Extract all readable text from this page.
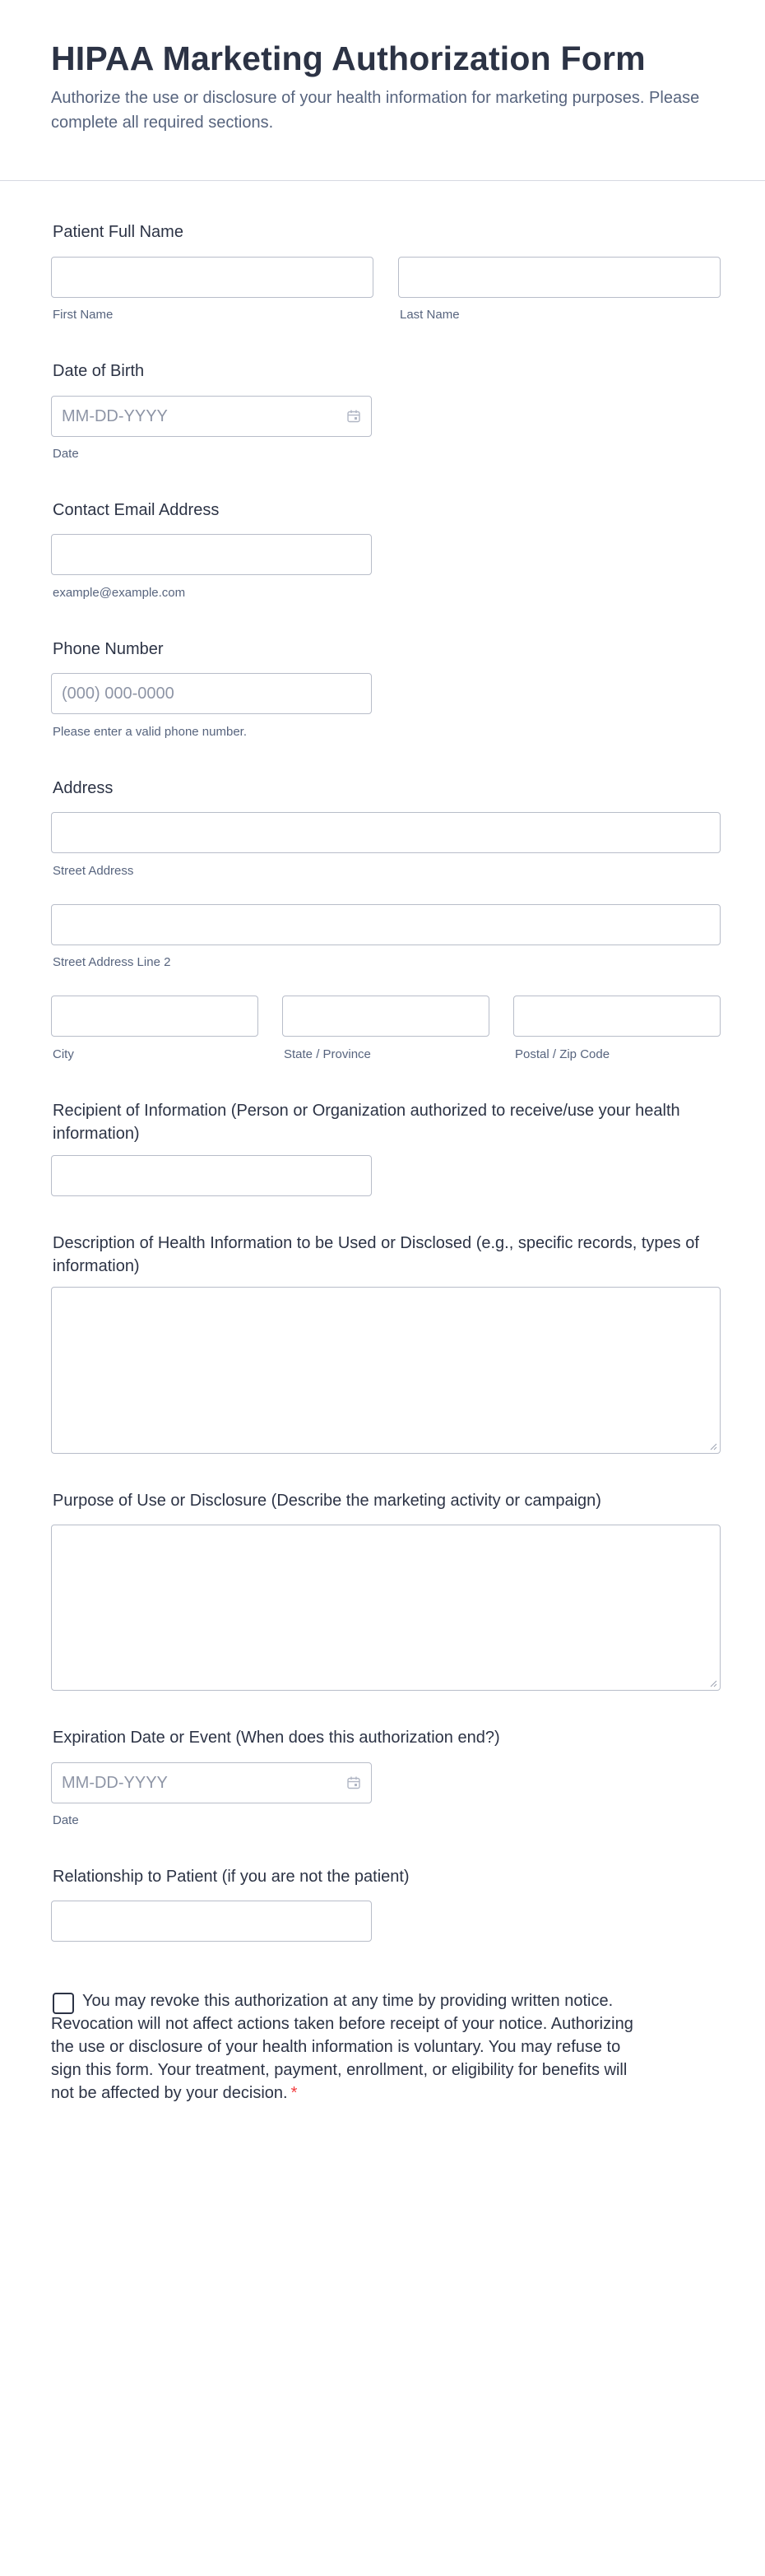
HIPAA Marketing Authorization Form
Authorize the use or disclosure of your health information for marketing purposes. Please complete all required sections.
Patient Full Name
First Name	Last Name
Date of Birth
MM-DD-YYYY
Date
Contact Email Address
example@example.com
Phone Number
(000) 000-0000
Please enter a valid phone number.
Address
Street Address
Street Address Line 2
City	State / Province	Postal / Zip Code
Recipient of Information (Person or Organization authorized to receive/use your health information)
Description of Health Information to be Used or Disclosed (e.g., specific records, types of information)
Purpose of Use or Disclosure (Describe the marketing activity or campaign)
Expiration Date or Event (When does this authorization end?)
MM-DD-YYYY
Date
Relationship to Patient (if you are not the patient)
You may revoke this authorization at any time by providing written notice. Revocation will not affect actions taken before receipt of your notice. Authorizing the use or disclosure of your health information is voluntary. You may refuse to sign this form. Your treatment, payment, enrollment, or eligibility for benefits will not be affected by your decision. *
